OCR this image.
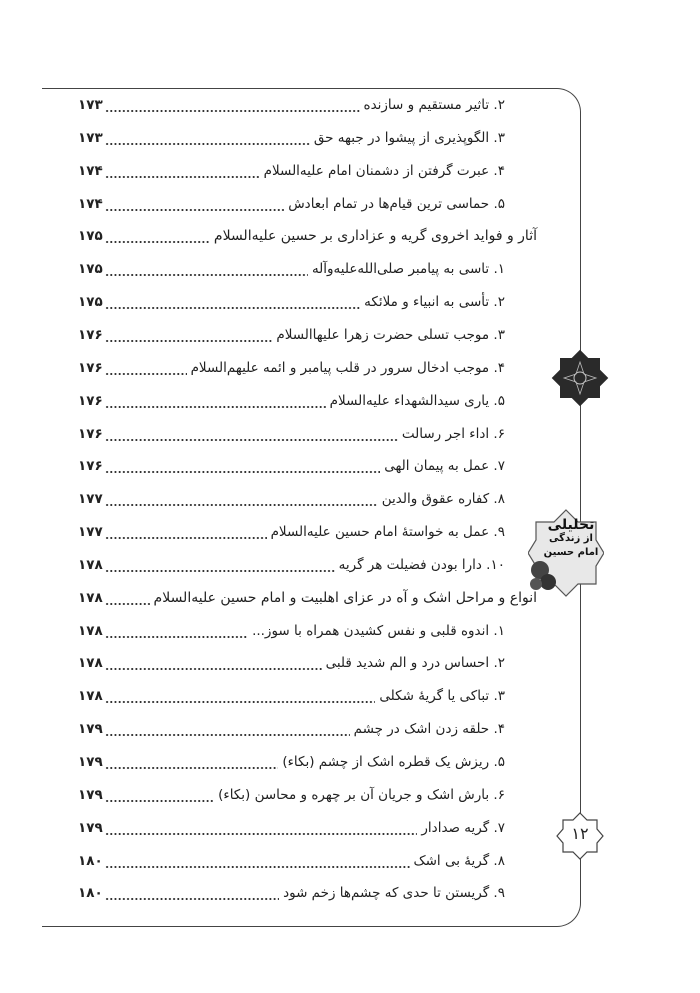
۲. تاثیر مستقیم و سازنده
۱۷۳
۳. الگوپذیری از پیشوا در جبهه حق
۱۷۳
۴. عبرت گرفتن از دشمنان امام علیه‌السلام
۱۷۴
۵. حماسی ترین قیام‌ها در تمام ابعادش
۱۷۴
آثار و فواید اخروی گریه و عزاداری بر حسین علیه‌السلام
۱۷۵
۱. تاسی به پیامبر صلی‌الله‌علیه‌وآله
۱۷۵
۲. تأسی به انبیاء و ملائکه
۱۷۵
۳. موجب تسلی حضرت زهرا علیهاالسلام
۱۷۶
۴. موجب ادخال سرور در قلب پیامبر و ائمه علیهم‌السلام
۱۷۶
۵. یاری سیدالشهداء علیه‌السلام
۱۷۶
۶. اداء اجر رسالت
۱۷۶
۷. عمل به پیمان الهی
۱۷۶
۸. کفاره عقوق والدین
۱۷۷
۹. عمل به خواستهٔ امام حسین علیه‌السلام
۱۷۷
۱۰. دارا بودن فضیلت هر گریه
۱۷۸
انواع و مراحل اشک و آه در عزای اهلبیت و امام حسین علیه‌السلام
۱۷۸
۱. اندوه قلبی و نفس کشیدن همراه با سوز...
۱۷۸
۲. احساس درد و الم شدید قلبی
۱۷۸
۳. تباکی یا گریهٔ شکلی
۱۷۸
۴. حلقه زدن اشک در چشم
۱۷۹
۵. ریزش یک قطره اشک از چشم (بکاء)
۱۷۹
۶. بارش اشک و جریان آن بر چهره و محاسن (بکاء)
۱۷۹
۷. گریه صدادار
۱۷۹
۸. گریهٔ بی اشک
۱۸۰
۹. گریستن تا حدی که چشم‌ها زخم شود
۱۸۰
تحلیلی
از زندگی
امام حسین
۱۲
